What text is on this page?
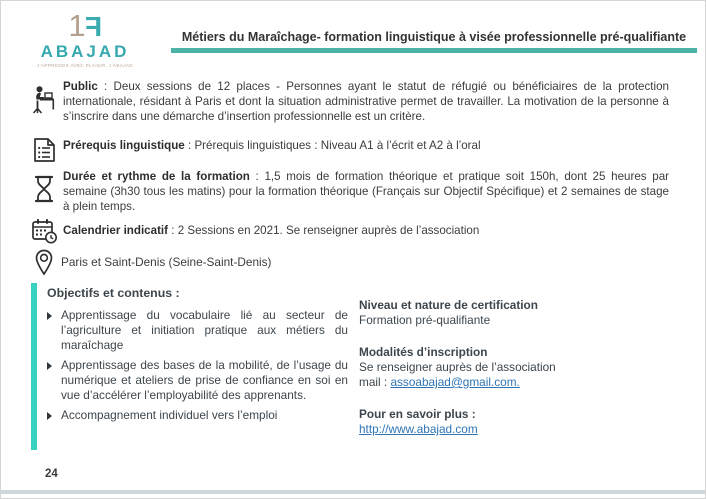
1 F
ABAJAD
J’APPRENDS AVEC PLAISIR, J’ABAJAD
Métiers du Maraîchage- formation linguistique à visée professionnelle pré-qualifiante

Public : Deux sessions de 12 places - Personnes ayant le statut de réfugié ou bénéficiaires de la protection internationale, résidant à Paris et dont la situation administrative permet de travailler. La motivation de la personne à s’inscrire dans une démarche d’insertion professionnelle est un critère.

Prérequis linguistique : Prérequis linguistiques : Niveau A1 à l’écrit et A2 à l’oral

Durée et rythme de la formation : 1,5 mois de formation théorique et pratique soit 150h, dont 25 heures par semaine (3h30 tous les matins) pour la formation théorique (Français sur Objectif Spécifique) et 2 semaines de stage à plein temps.

Calendrier indicatif : 2 Sessions en 2021. Se renseigner auprès de l’association

Paris et Saint-Denis (Seine-Saint-Denis)

Objectifs et contenus :
Apprentissage du vocabulaire lié au secteur de l’agriculture et initiation pratique aux métiers du maraîchage
Apprentissage des bases de la mobilité, de l’usage du numérique et ateliers de prise de confiance en soi en vue d’accélérer l’employabilité des apprenants.
Accompagnement individuel vers l’emploi
Niveau et nature de certification
Formation pré-qualifiante
Modalités d’inscription
Se renseigner auprès de l’association
mail : assoabajad@gmail.com.
Pour en savoir plus :
http://www.abajad.com
24
